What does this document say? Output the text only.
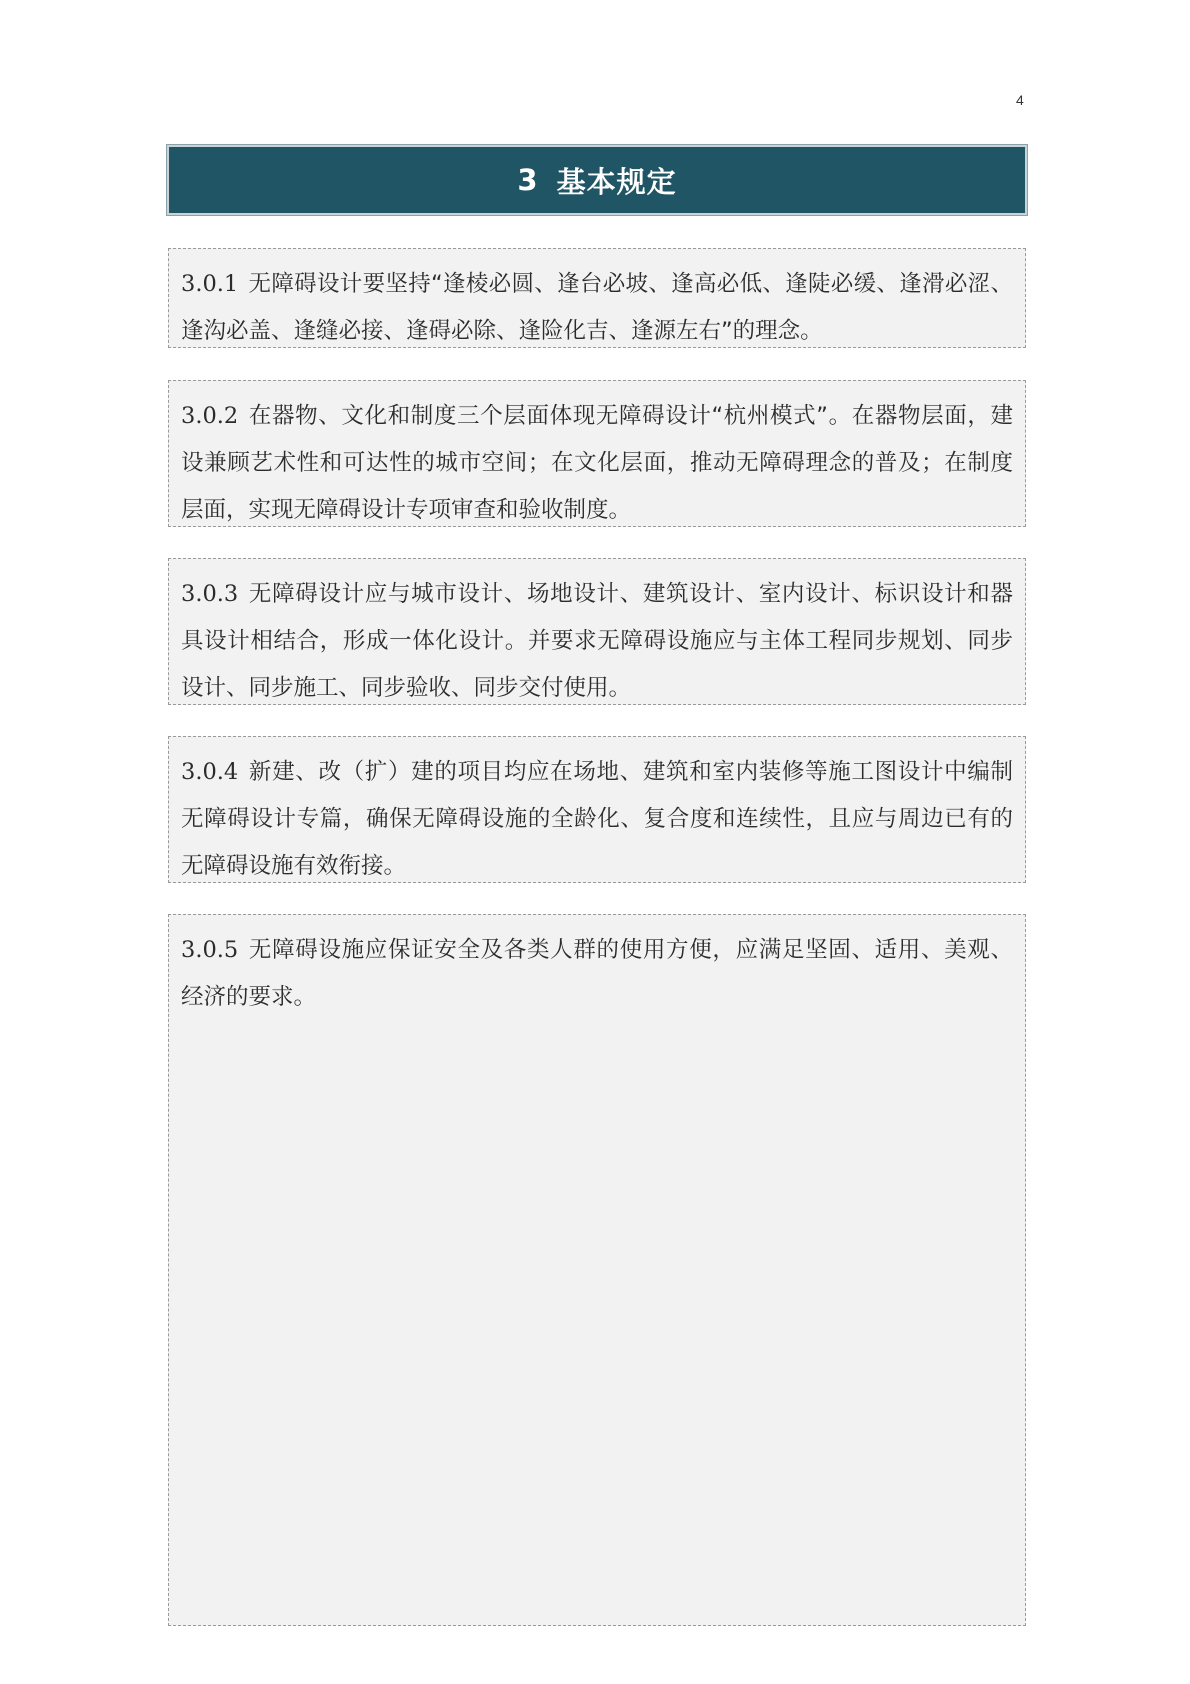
4
3 基本规定
3.0.1 无障碍设计要坚持“逢棱必圆、逢台必坡、逢高必低、逢陡必缓、逢滑必涩、逢沟必盖、逢缝必接、逢碍必除、逢险化吉、逢源左右”的理念。
3.0.2 在器物、文化和制度三个层面体现无障碍设计“杭州模式”。在器物层面，建设兼顾艺术性和可达性的城市空间；在文化层面，推动无障碍理念的普及；在制度层面，实现无障碍设计专项审查和验收制度。
3.0.3 无障碍设计应与城市设计、场地设计、建筑设计、室内设计、标识设计和器具设计相结合，形成一体化设计。并要求无障碍设施应与主体工程同步规划、同步设计、同步施工、同步验收、同步交付使用。
3.0.4 新建、改（扩）建的项目均应在场地、建筑和室内装修等施工图设计中编制无障碍设计专篇，确保无障碍设施的全龄化、复合度和连续性，且应与周边已有的无障碍设施有效衔接。
3.0.5 无障碍设施应保证安全及各类人群的使用方便，应满足坚固、适用、美观、经济的要求。
